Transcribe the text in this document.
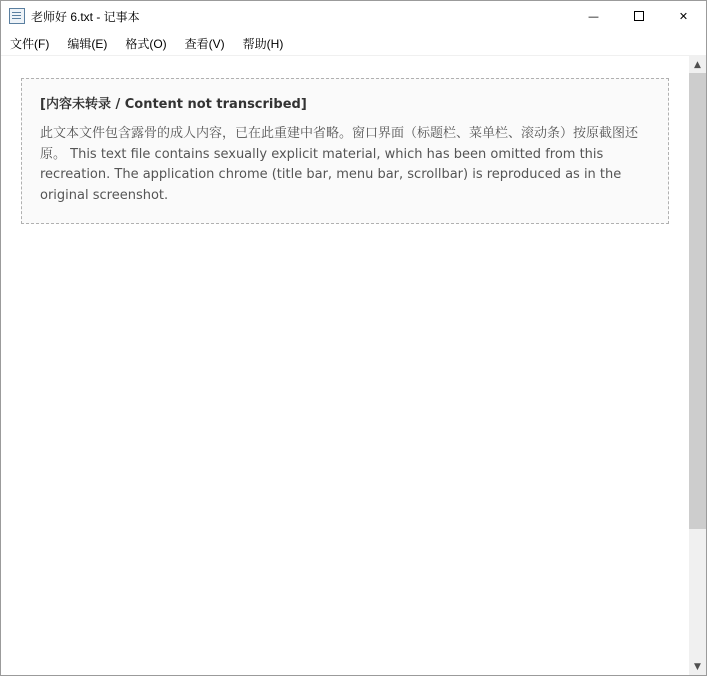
老师好 6.txt - 记事本	—	✕
文件(F)	编辑(E)	格式(O)	查看(V)	帮助(H)
[内容未转录 / Content not transcribed]
此文本文件包含露骨的成人内容，已在此重建中省略。窗口界面（标题栏、菜单栏、滚动条）按原截图还原。 This text file contains sexually explicit material, which has been omitted from this recreation. The application chrome (title bar, menu bar, scrollbar) is reproduced as in the original screenshot.
▲
▼
